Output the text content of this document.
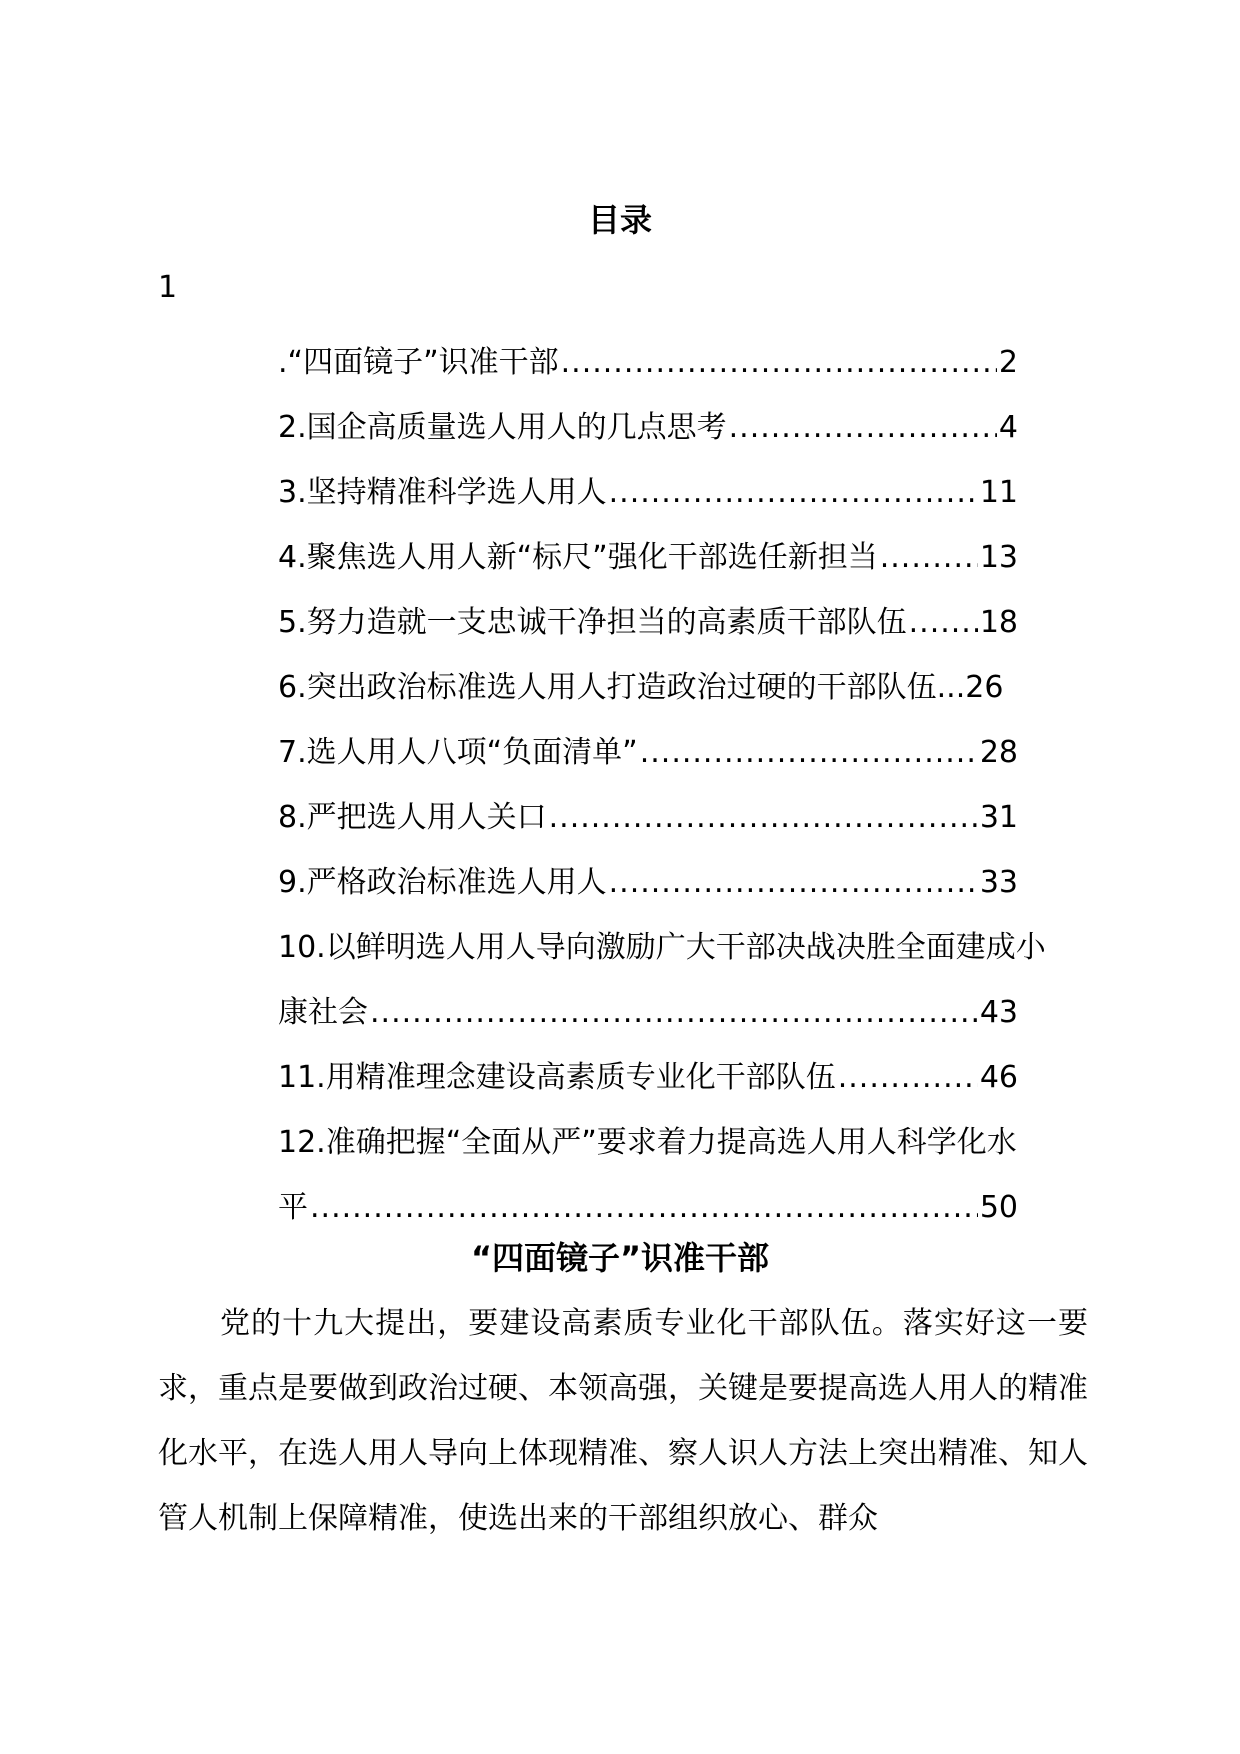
目录
1
.“四面镜子”识准干部 .....	2
2.国企高质量选人用人的几点思考 .....	4
3.坚持精准科学选人用人 .....	11
4.聚焦选人用人新“标尺”强化干部选任新担当 .....	13
5.努力造就一支忠诚干净担当的高素质干部队伍 ..... 18
6.突出政治标准选人用人打造政治过硬的干部队伍... 26
7.选人用人八项“负面清单” .....	28
8.严把选人用人关口 .....	31
9.严格政治标准选人用人 .....	33
10.以鲜明选人用人导向激励广大干部决战决胜全面建成小
康社会 .....	43
11.用精准理念建设高素质专业化干部队伍 .....	46
12.准确把握“全面从严”要求着力提高选人用人科学化水
平 .....	50
“四面镜子”识准干部

党的十九大提出，要建设高素质专业化干部队伍。落实好这一要求，重点是要做到政治过硬、本领高强，关键是要提高选人用人的精准化水平，在选人用人导向上体现精准、察人识人方法上突出精准、知人管人机制上保障精准，使选出来的干部组织放心、群众
